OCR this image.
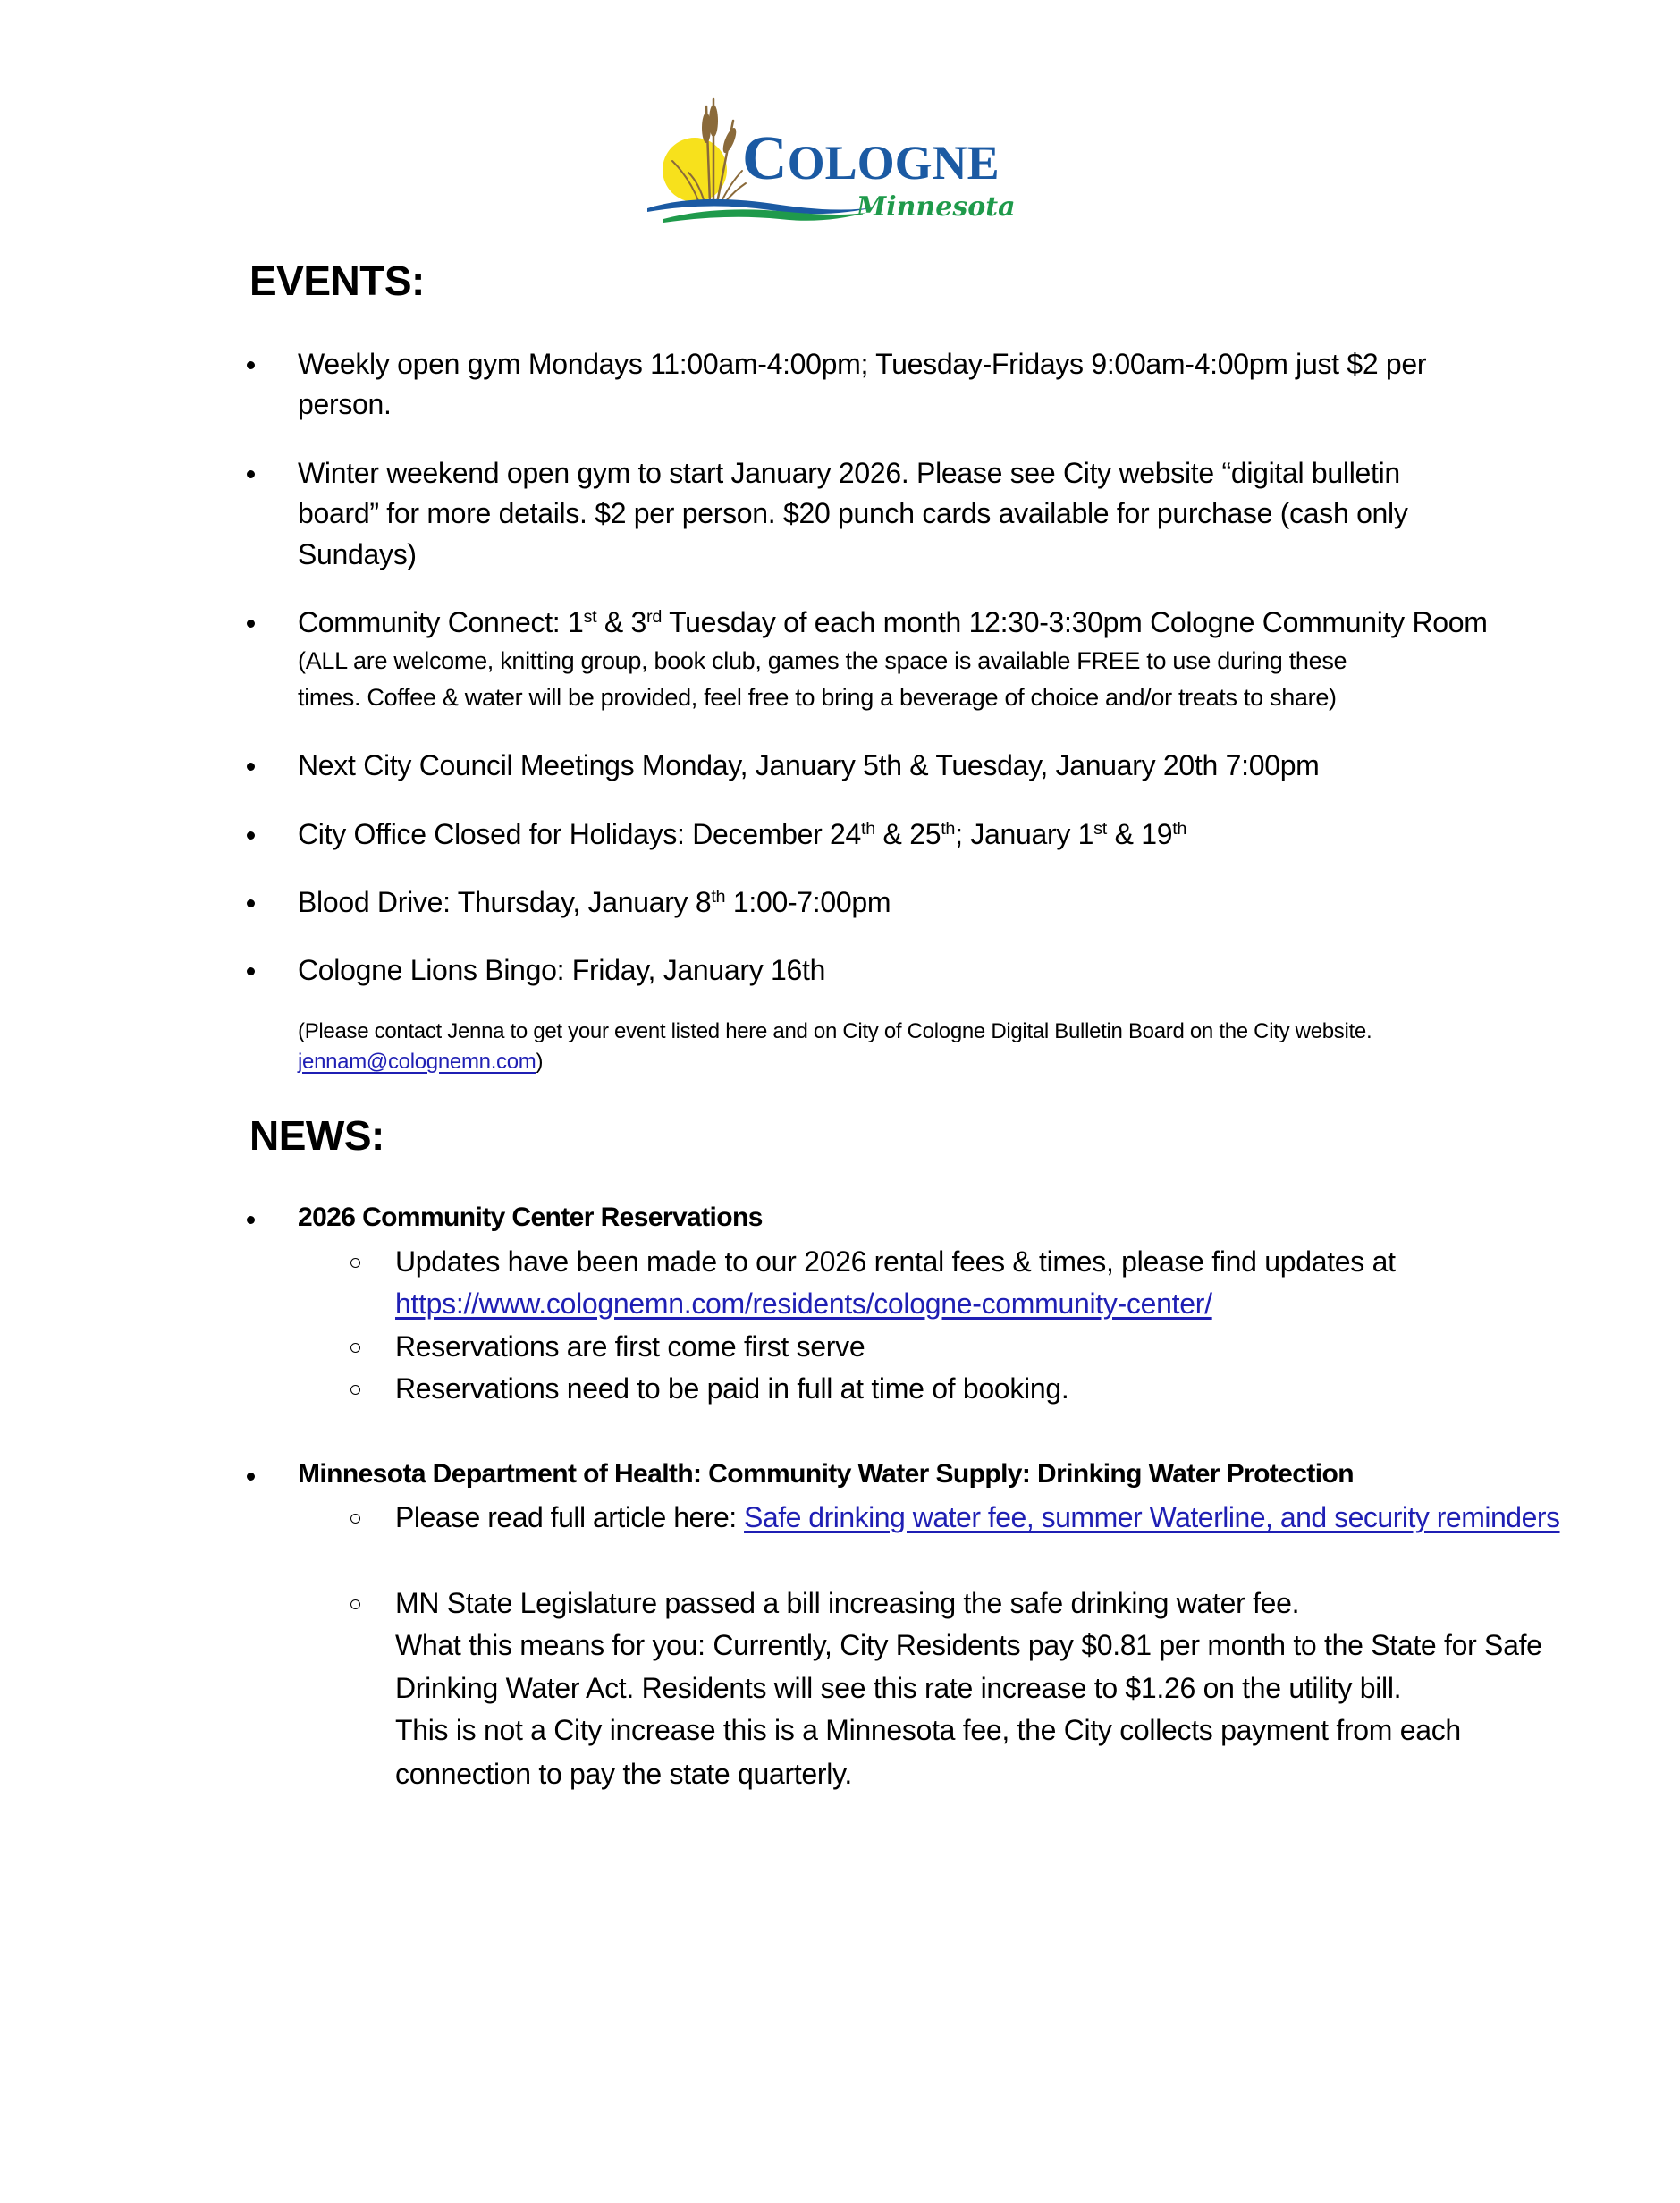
COLOGNE
Minnesota
EVENTS:
Weekly open gym Mondays 11:00am-4:00pm; Tuesday-Fridays 9:00am-4:00pm just $2 per
person.
Winter weekend open gym to start January 2026. Please see City website “digital bulletin
board” for more details. $2 per person. $20 punch cards available for purchase (cash only
Sundays)
Community Connect: 1st & 3rd Tuesday of each month 12:30-3:30pm Cologne Community Room
(ALL are welcome, knitting group, book club, games the space is available FREE to use during these
times. Coffee & water will be provided, feel free to bring a beverage of choice and/or treats to share)
Next City Council Meetings Monday, January 5th & Tuesday, January 20th 7:00pm
City Office Closed for Holidays: December 24th & 25th; January 1st & 19th
Blood Drive: Thursday, January 8th 1:00-7:00pm
Cologne Lions Bingo: Friday, January 16th
(Please contact Jenna to get your event listed here and on City of Cologne Digital Bulletin Board on the City website.
jennam@colognemn.com)
NEWS:
2026 Community Center Reservations
Updates have been made to our 2026 rental fees & times, please find updates at
https://www.colognemn.com/residents/cologne-community-center/
Reservations are first come first serve
Reservations need to be paid in full at time of booking.
Minnesota Department of Health: Community Water Supply: Drinking Water Protection
Please read full article here: Safe drinking water fee, summer Waterline, and security reminders
MN State Legislature passed a bill increasing the safe drinking water fee.
What this means for you: Currently, City Residents pay $0.81 per month to the State for Safe
Drinking Water Act. Residents will see this rate increase to $1.26 on the utility bill.
This is not a City increase this is a Minnesota fee, the City collects payment from each
connection to pay the state quarterly.
